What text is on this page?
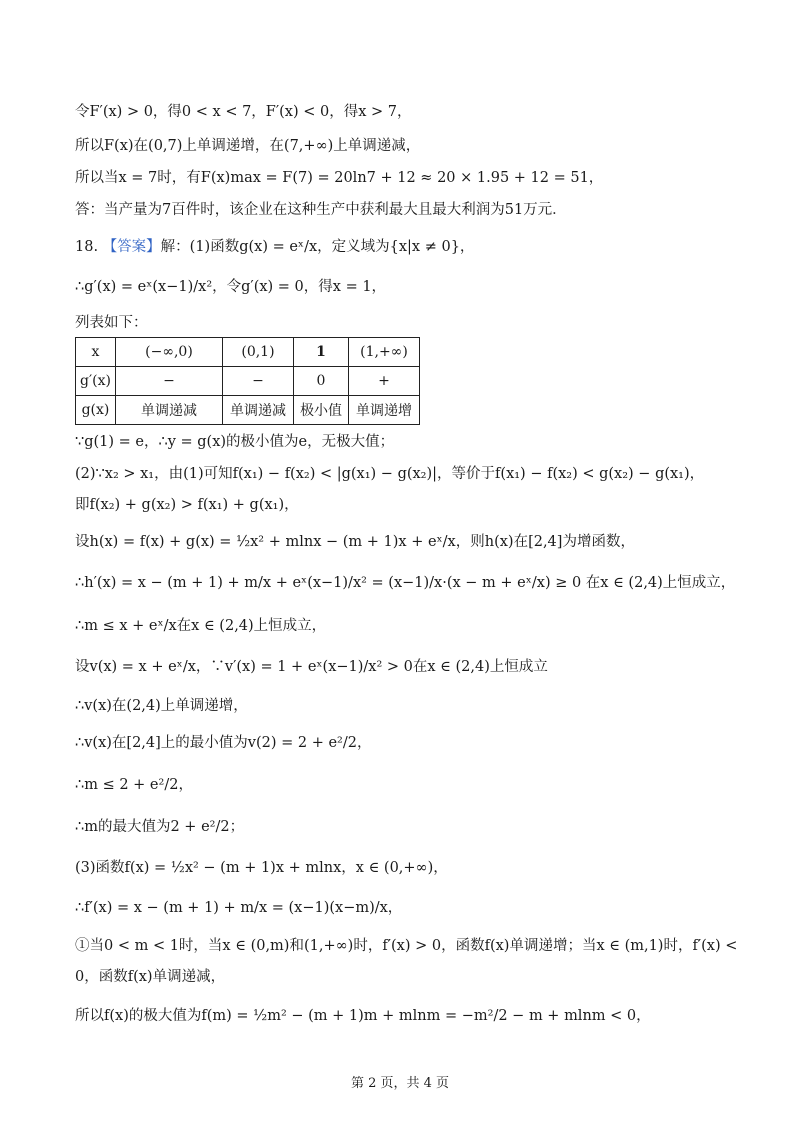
令F′(x) > 0，得0 < x < 7，F′(x) < 0，得x > 7，
所以F(x)在(0,7)上单调递增，在(7,+∞)上单调递减，
所以当x = 7时，有F(x)max = F(7) = 20ln7 + 12 ≈ 20 × 1.95 + 12 = 51，
答：当产量为7百件时，该企业在这种生产中获利最大且最大利润为51万元．
18. 【答案】解：(1)函数g(x) = eˣ/x，定义域为{x|x ≠ 0}，
∴g′(x) = eˣ(x−1)/x²，令g′(x) = 0，得x = 1，
列表如下：
x	(−∞,0)	(0,1)	1	(1,+∞)
g′(x)	−	−	0	+
g(x)	单调递减	单调递减	极小值	单调递增
∵g(1) = e，∴y = g(x)的极小值为e，无极大值；
(2)∵x₂ > x₁，由(1)可知f(x₁) − f(x₂) < |g(x₁) − g(x₂)|，等价于f(x₁) − f(x₂) < g(x₂) − g(x₁)，
即f(x₂) + g(x₂) > f(x₁) + g(x₁)，
设h(x) = f(x) + g(x) = ½x² + mlnx − (m + 1)x + eˣ/x，则h(x)在[2,4]为增函数，
∴h′(x) = x − (m + 1) + m/x + eˣ(x−1)/x² = (x−1)/x·(x − m + eˣ/x) ≥ 0 在x ∈ (2,4)上恒成立，
∴m ≤ x + eˣ/x在x ∈ (2,4)上恒成立，
设v(x) = x + eˣ/x，∵v′(x) = 1 + eˣ(x−1)/x² > 0在x ∈ (2,4)上恒成立
∴v(x)在(2,4)上单调递增，
∴v(x)在[2,4]上的最小值为v(2) = 2 + e²/2，
∴m ≤ 2 + e²/2，
∴m的最大值为2 + e²/2；
(3)函数f(x) = ½x² − (m + 1)x + mlnx，x ∈ (0,+∞)，
∴f′(x) = x − (m + 1) + m/x = (x−1)(x−m)/x，
①当0 < m < 1时，当x ∈ (0,m)和(1,+∞)时，f′(x) > 0，函数f(x)单调递增；当x ∈ (m,1)时，f′(x) <
0，函数f(x)单调递减，
所以f(x)的极大值为f(m) = ½m² − (m + 1)m + mlnm = −m²/2 − m + mlnm < 0，
第 2 页，共 4 页
